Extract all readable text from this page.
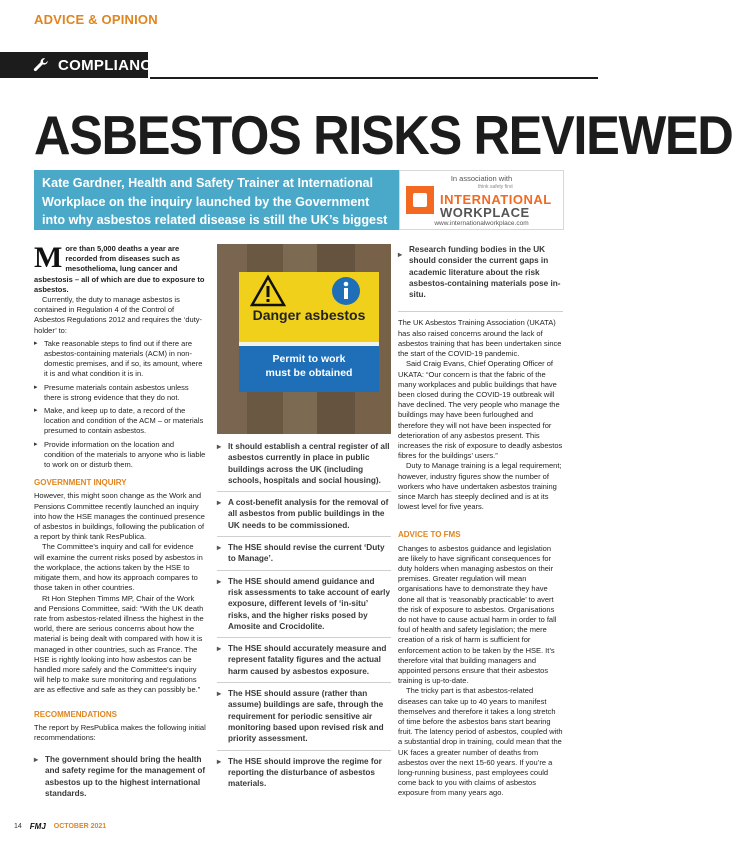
ADVICE & OPINION
COMPLIANCE
ASBESTOS RISKS REVIEWED
Kate Gardner, Health and Safety Trainer at International Workplace on the inquiry launched by the Government into why asbestos related disease is still the UK’s biggest occupational killer
In association with
think safety first
INTERNATIONAL
WORKPLACE
www.internationalworkplace.com

M ore than 5,000 deaths a year are recorded from diseases such as mesothelioma, lung cancer and asbestosis – all of which are due to exposure to asbestos.

Currently, the duty to manage asbestos is contained in Regulation 4 of the Control of Asbestos Regulations 2012 and requires the ‘duty-holder’ to:

▸ Take reasonable steps to find out if there are asbestos-containing materials (ACM) in non-domestic premises, and if so, its amount, where it is and what condition it is in.
▸ Presume materials contain asbestos unless there is strong evidence that they do not.
▸ Make, and keep up to date, a record of the location and condition of the ACM – or materials presumed to contain asbestos.
▸ Provide information on the location and condition of the materials to anyone who is liable to work on or disturb them.
GOVERNMENT INQUIRY

However, this might soon change as the Work and Pensions Committee recently launched an inquiry into how the HSE manages the continued presence of asbestos in buildings, following the publication of a report by think tank ResPublica.

The Committee’s inquiry and call for evidence will examine the current risks posed by asbestos in the workplace, the actions taken by the HSE to mitigate them, and how its approach compares to those taken in other countries.

Rt Hon Stephen Timms MP, Chair of the Work and Pensions Committee, said: “With the UK death rate from asbestos-related illness the highest in the world, there are serious concerns about how the material is being dealt with compared with how it is managed in other countries, such as France. The HSE is rightly looking into how asbestos can be handled more safely and the Committee’s inquiry will help to make sure monitoring and regulations are as effective and safe as they can possibly be.”

RECOMMENDATIONS

The report by ResPublica makes the following initial recommendations:

▸ The government should bring the health and safety regime for the management of asbestos up to the highest international standards.
Danger asbestos
Permit to work
must be obtained
▸ It should establish a central register of all asbestos currently in place in public buildings across the UK (including schools, hospitals and social housing).
▸ A cost-benefit analysis for the removal of all asbestos from public buildings in the UK needs to be commissioned.
▸ The HSE should revise the current ‘Duty to Manage’.
▸ The HSE should amend guidance and risk assessments to take account of early exposure, different levels of ‘in-situ’ risks, and the higher risks posed by Amosite and Crocidolite.
▸ The HSE should accurately measure and represent fatality figures and the actual harm caused by asbestos exposure.
▸ The HSE should assure (rather than assume) buildings are safe, through the requirement for periodic sensitive air monitoring based upon revised risk and priority assessment.
▸ The HSE should improve the regime for reporting the disturbance of asbestos materials.
▸ Research funding bodies in the UK should consider the current gaps in academic literature about the risk asbestos-containing materials pose in-situ.

The UK Asbestos Training Association (UKATA) has also raised concerns around the lack of asbestos training that has been undertaken since the start of the COVID-19 pandemic.

Said Craig Evans, Chief Operating Officer of UKATA: “Our concern is that the fabric of the many workplaces and public buildings that have been closed during the COVID-19 outbreak will have declined. The very people who manage the buildings may have been furloughed and therefore they will not have been inspected for deterioration of any asbestos present. This increases the risk of exposure to deadly asbestos fibres for the buildings’ users.”

Duty to Manage training is a legal requirement; however, industry figures show the number of workers who have undertaken asbestos training since March has steeply declined and is at its lowest level for five years.

ADVICE TO FMS

Changes to asbestos guidance and legislation are likely to have significant consequences for duty holders when managing asbestos on their premises. Greater regulation will mean organisations have to demonstrate they have done all that is ‘reasonably practicable’ to avert the risk of exposure to asbestos. Organisations do not have to cause actual harm in order to fall foul of health and safety legislation; the mere creation of a risk of harm is sufficient for enforcement action to be taken by the HSE. It’s therefore vital that building managers and appointed persons ensure that their asbestos training is up-to-date.

The tricky part is that asbestos-related diseases can take up to 40 years to manifest themselves and therefore it takes a long stretch of time before the asbestos bans start bearing fruit. The latency period of asbestos, coupled with a substantial drop in training, could mean that the UK faces a greater number of deaths from asbestos over the next 15-60 years. If you’re a long-running business, past employees could come back to you with claims of asbestos exposure from many years ago.

14 FMJ OCTOBER 2021
